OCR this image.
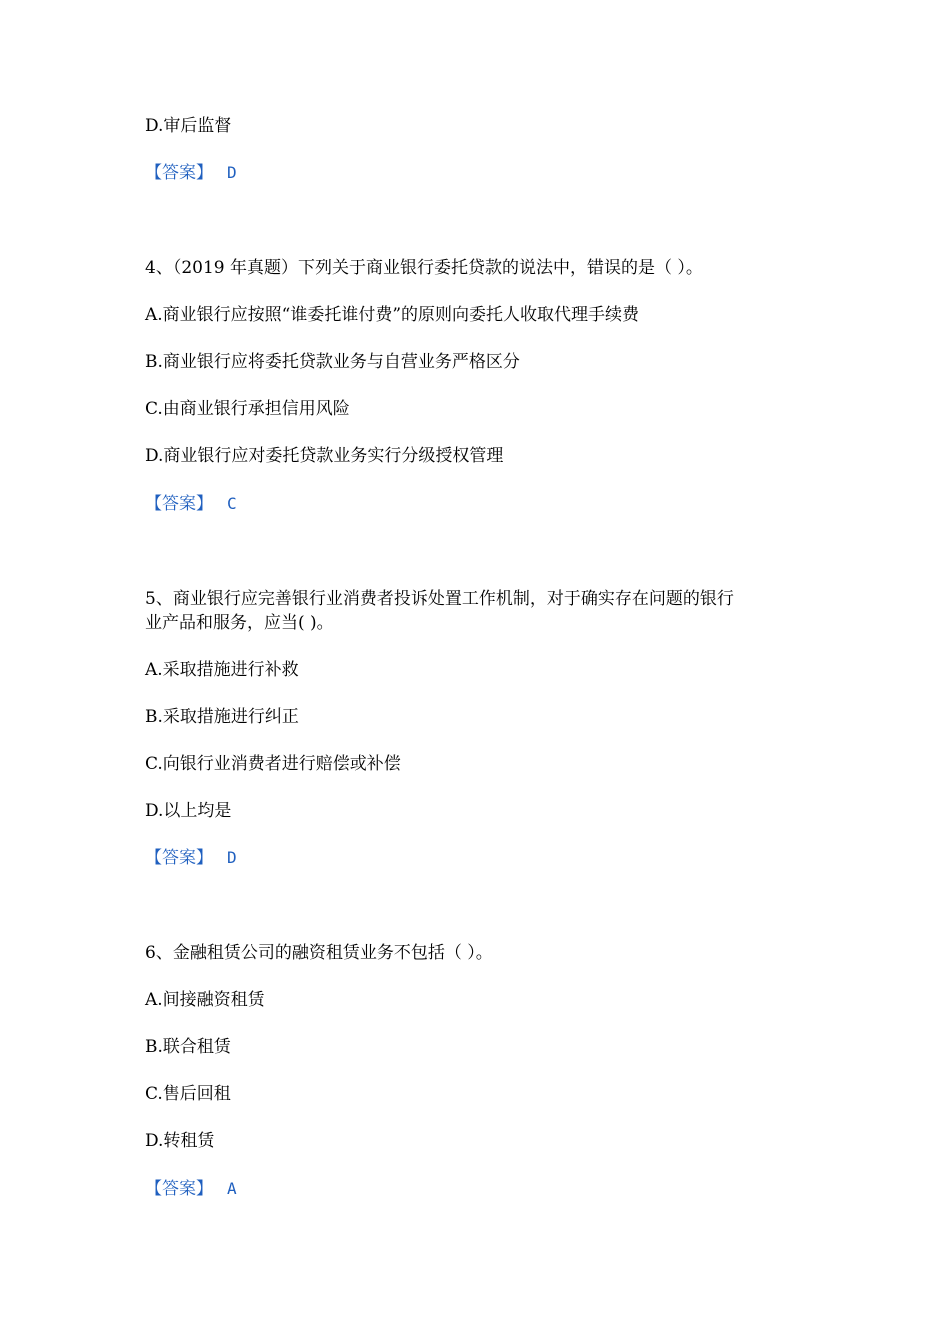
D.审后监督
【答案】 D
4、（2019 年真题）下列关于商业银行委托贷款的说法中，错误的是（ ）。
A.商业银行应按照“谁委托谁付费”的原则向委托人收取代理手续费
B.商业银行应将委托贷款业务与自营业务严格区分
C.由商业银行承担信用风险
D.商业银行应对委托贷款业务实行分级授权管理
【答案】 C
5、商业银行应完善银行业消费者投诉处置工作机制，对于确实存在问题的银行
业产品和服务，应当( )。
A.采取措施进行补救
B.采取措施进行纠正
C.向银行业消费者进行赔偿或补偿
D.以上均是
【答案】 D
6、金融租赁公司的融资租赁业务不包括（ ）。
A.间接融资租赁
B.联合租赁
C.售后回租
D.转租赁
【答案】 A
